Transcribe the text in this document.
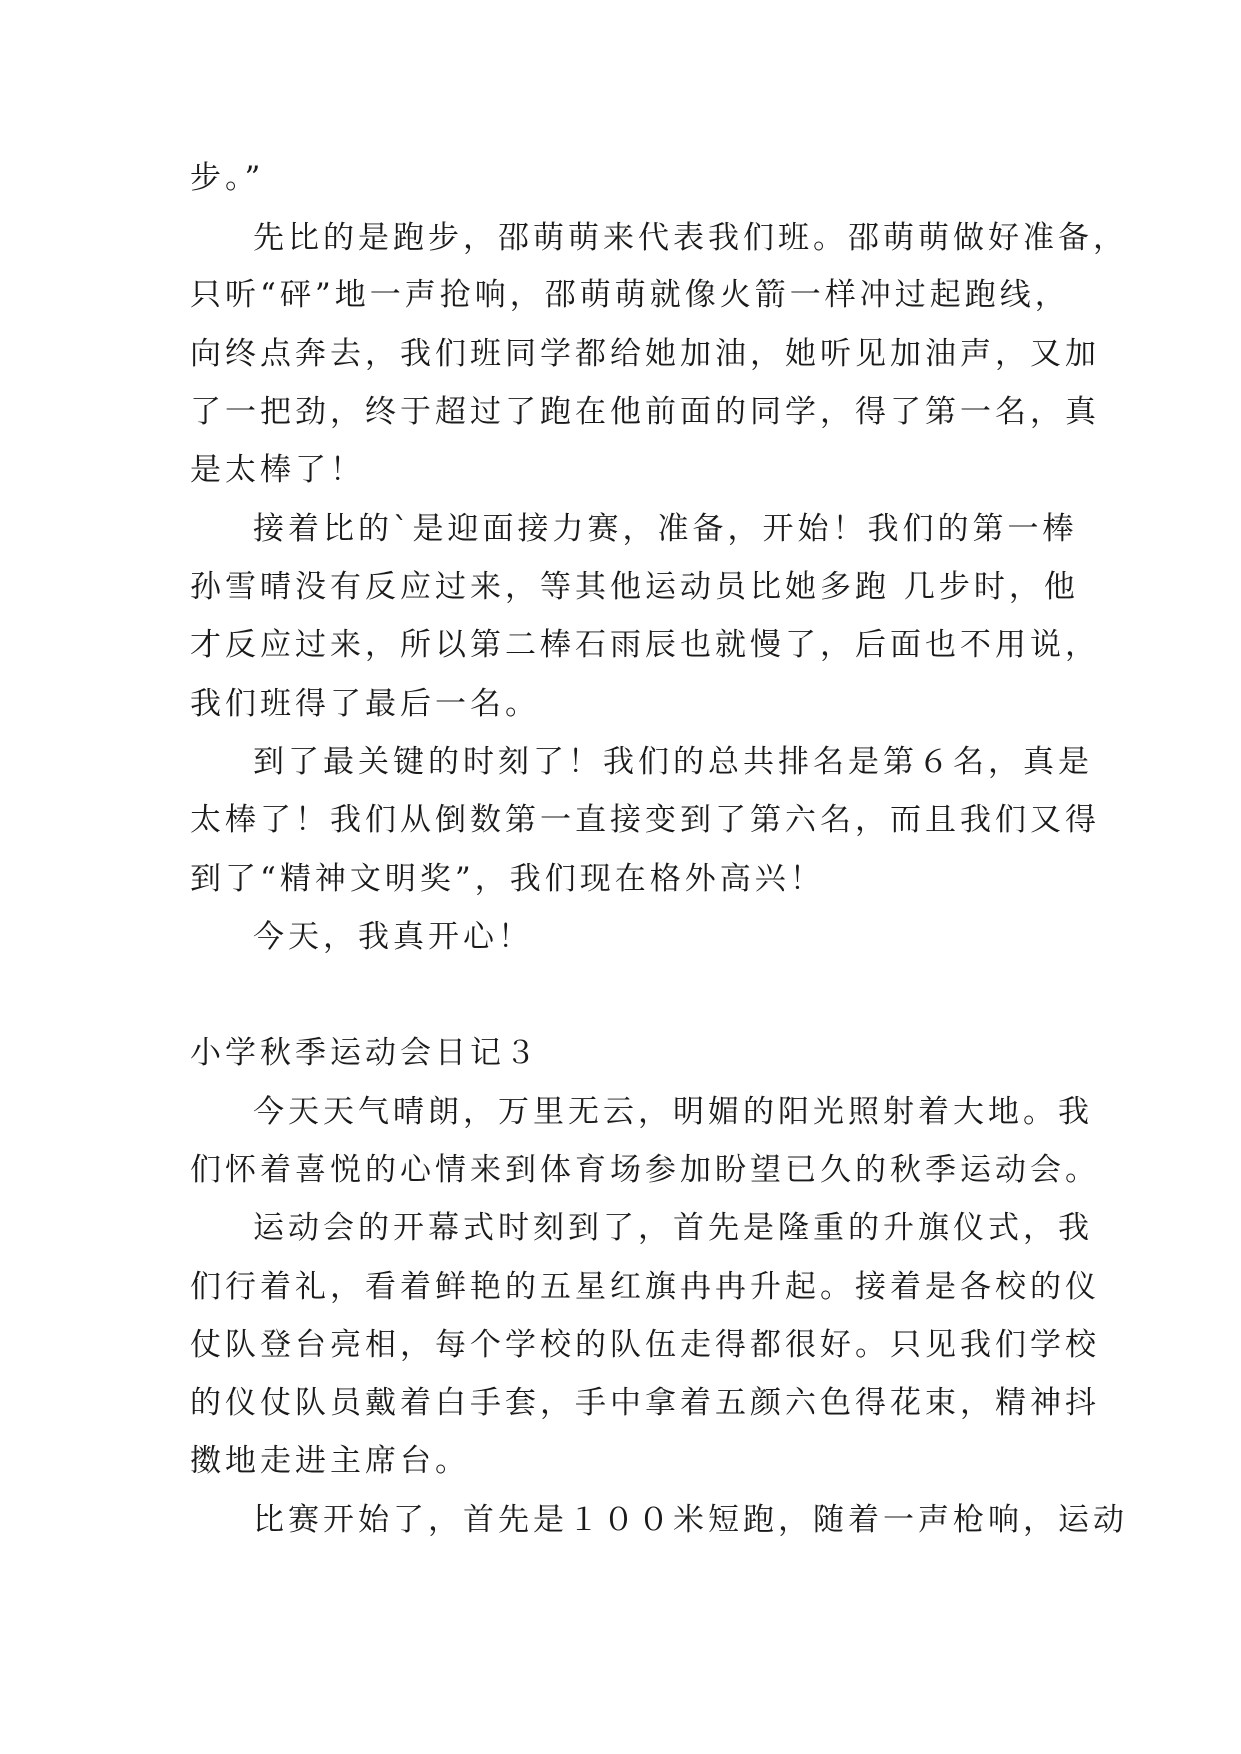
步。”
先比的是跑步，邵萌萌来代表我们班。邵萌萌做好准备，
只听“砰”地一声抢响，邵萌萌就像火箭一样冲过起跑线，
向终点奔去，我们班同学都给她加油，她听见加油声，又加
了一把劲，终于超过了跑在他前面的同学，得了第一名，真
是太棒了！
接着比的`是迎面接力赛，准备，开始！我们的第一棒
孙雪晴没有反应过来，等其他运动员比她多跑 几步时，他
才反应过来，所以第二棒石雨辰也就慢了，后面也不用说，
我们班得了最后一名。
到了最关键的时刻了！我们的总共排名是第６名，真是
太棒了！我们从倒数第一直接变到了第六名，而且我们又得
到了“精神文明奖”，我们现在格外高兴！
今天，我真开心！
小学秋季运动会日记３
今天天气晴朗，万里无云，明媚的阳光照射着大地。我
们怀着喜悦的心情来到体育场参加盼望已久的秋季运动会。
运动会的开幕式时刻到了，首先是隆重的升旗仪式，我
们行着礼，看着鲜艳的五星红旗冉冉升起。接着是各校的仪
仗队登台亮相，每个学校的队伍走得都很好。只见我们学校
的仪仗队员戴着白手套，手中拿着五颜六色得花束，精神抖
擞地走进主席台。
比赛开始了，首先是１００米短跑，随着一声枪响，运动
